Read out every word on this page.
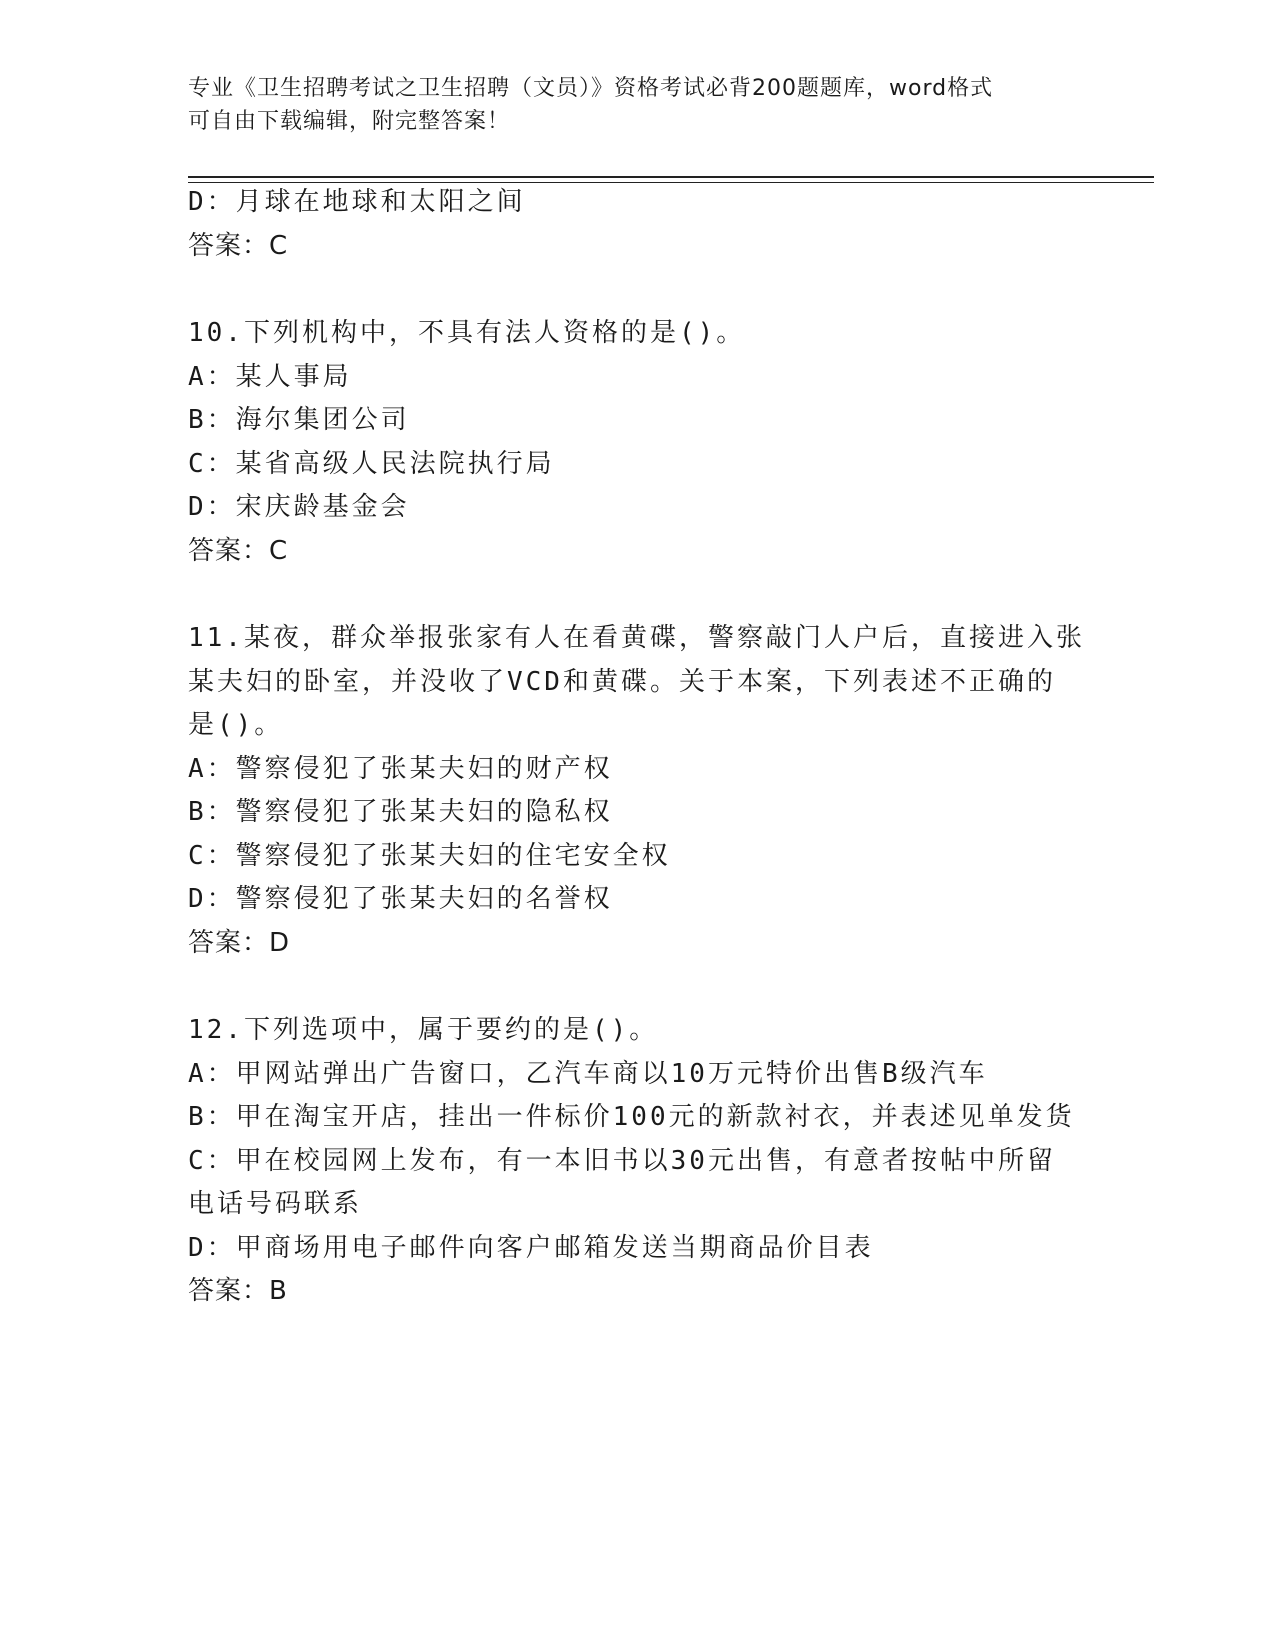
专业《卫生招聘考试之卫生招聘（文员）》资格考试必背200题题库，word格式
可自由下载编辑，附完整答案！
D：月球在地球和太阳之间
答案：C
10.下列机构中，不具有法人资格的是()。
A：某人事局
B：海尔集团公司
C：某省高级人民法院执行局
D：宋庆龄基金会
答案：C
11.某夜，群众举报张家有人在看黄碟，警察敲门人户后，直接进入张
某夫妇的卧室，并没收了VCD和黄碟。关于本案，下列表述不正确的
是()。
A：警察侵犯了张某夫妇的财产权
B：警察侵犯了张某夫妇的隐私权
C：警察侵犯了张某夫妇的住宅安全权
D：警察侵犯了张某夫妇的名誉权
答案：D
12.下列选项中，属于要约的是()。
A：甲网站弹出广告窗口，乙汽车商以10万元特价出售B级汽车
B：甲在淘宝开店，挂出一件标价100元的新款衬衣，并表述见单发货
C：甲在校园网上发布，有一本旧书以30元出售，有意者按帖中所留
电话号码联系
D：甲商场用电子邮件向客户邮箱发送当期商品价目表
答案：B
